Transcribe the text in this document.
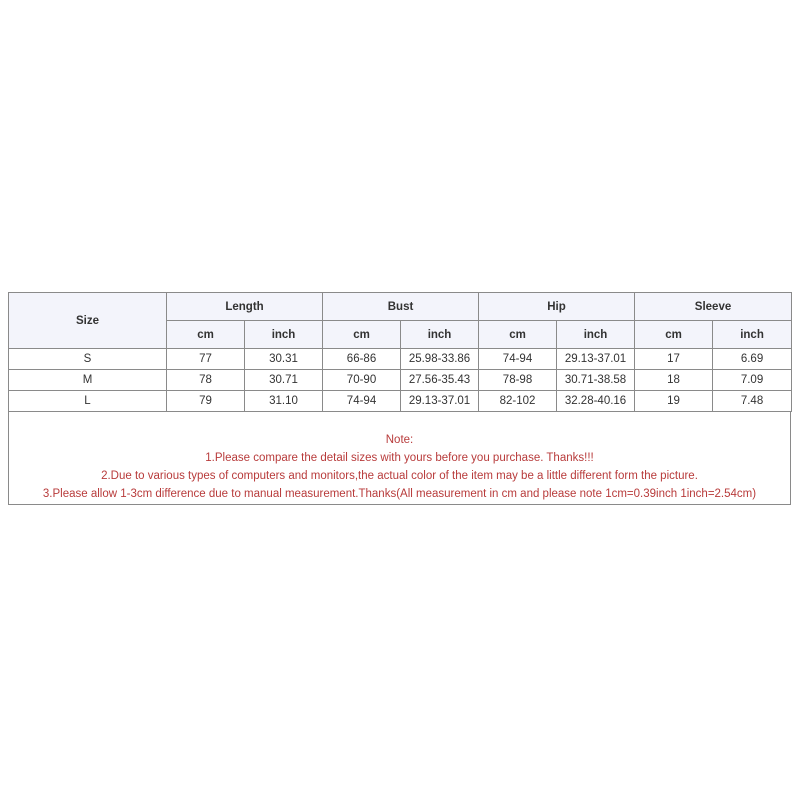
Size	Length		Bust		Hip		Sleeve	
	cm	inch	cm	inch	cm	inch	cm	inch
S	77	30.31	66-86	25.98-33.86	74-94	29.13-37.01	17	6.69
M	78	30.71	70-90	27.56-35.43	78-98	30.71-38.58	18	7.09
L	79	31.10	74-94	29.13-37.01	82-102	32.28-40.16	19	7.48
Note:
1.Please compare the detail sizes with yours before you purchase. Thanks!!!
2.Due to various types of computers and monitors,the actual color of the item may be a little different form the picture.
3.Please allow 1-3cm difference due to manual measurement.Thanks(All measurement in cm and please note 1cm=0.39inch 1inch=2.54cm)
